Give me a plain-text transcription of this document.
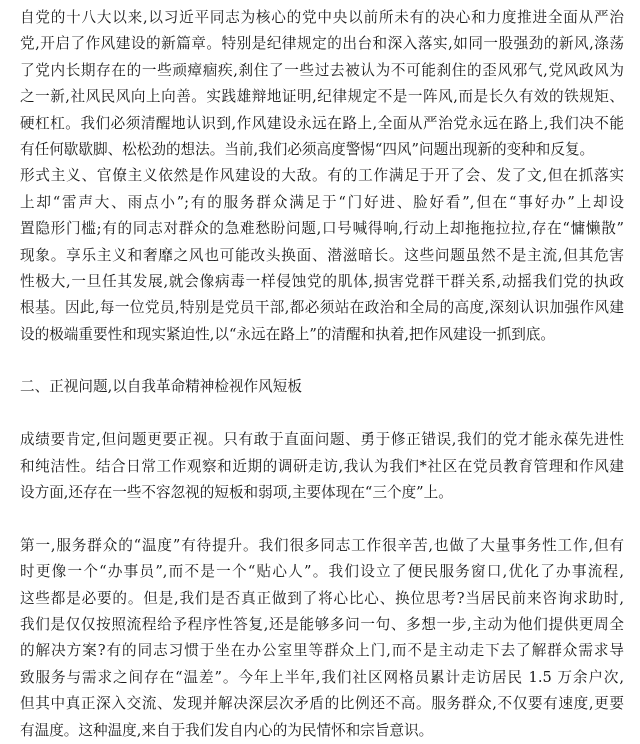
自党的十八大以来,以习近平同志为核心的党中央以前所未有的决心和力度推进全面从严治
党,开启了作风建设的新篇章。特别是纪律规定的出台和深入落实,如同一股强劲的新风,涤荡
了党内长期存在的一些顽瘴痼疾,刹住了一些过去被认为不可能刹住的歪风邪气,党风政风为
之一新,社风民风向上向善。实践雄辩地证明,纪律规定不是一阵风,而是长久有效的铁规矩、
硬杠杠。我们必须清醒地认识到,作风建设永远在路上,全面从严治党永远在路上,我们决不能
有任何歇歇脚、松松劲的想法。当前,我们必须高度警惕“四风”问题出现新的变种和反复。
形式主义、官僚主义依然是作风建设的大敌。有的工作满足于开了会、发了文,但在抓落实
上却“雷声大、雨点小”;有的服务群众满足于“门好进、脸好看”,但在“事好办”上却设
置隐形门槛;有的同志对群众的急难愁盼问题,口号喊得响,行动上却拖拖拉拉,存在“慵懒散”
现象。享乐主义和奢靡之风也可能改头换面、潜滋暗长。这些问题虽然不是主流,但其危害
性极大,一旦任其发展,就会像病毒一样侵蚀党的肌体,损害党群干群关系,动摇我们党的执政
根基。因此,每一位党员,特别是党员干部,都必须站在政治和全局的高度,深刻认识加强作风建
设的极端重要性和现实紧迫性,以“永远在路上”的清醒和执着,把作风建设一抓到底。
二、正视问题,以自我革命精神检视作风短板
成绩要肯定,但问题更要正视。只有敢于直面问题、勇于修正错误,我们的党才能永葆先进性
和纯洁性。结合日常工作观察和近期的调研走访,我认为我们*社区在党员教育管理和作风建
设方面,还存在一些不容忽视的短板和弱项,主要体现在“三个度”上。
第一,服务群众的“温度”有待提升。我们很多同志工作很辛苦,也做了大量事务性工作,但有
时更像一个“办事员”,而不是一个“贴心人”。我们设立了便民服务窗口,优化了办事流程,
这些都是必要的。但是,我们是否真正做到了将心比心、换位思考?当居民前来咨询求助时,
我们是仅仅按照流程给予程序性答复,还是能够多问一句、多想一步,主动为他们提供更周全
的解决方案?有的同志习惯于坐在办公室里等群众上门,而不是主动走下去了解群众需求导
致服务与需求之间存在“温差”。今年上半年,我们社区网格员累计走访居民 1.5 万余户次,
但其中真正深入交流、发现并解决深层次矛盾的比例还不高。服务群众,不仅要有速度,更要
有温度。这种温度,来自于我们发自内心的为民情怀和宗旨意识。
